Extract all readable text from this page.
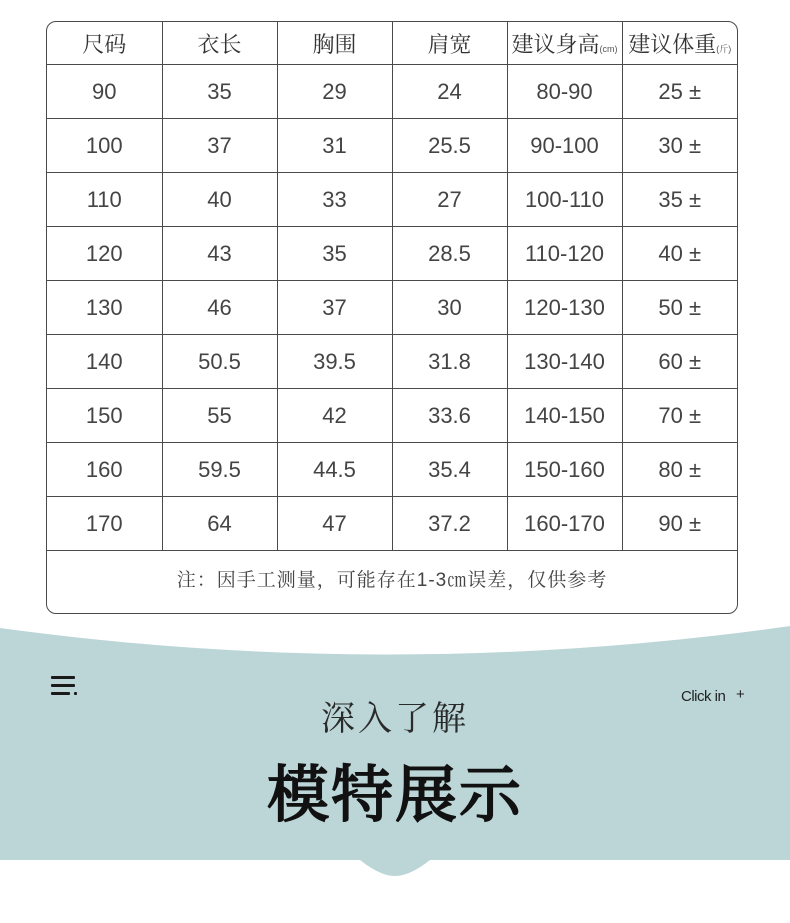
尺码	衣长	胸围	肩宽	建议身高(cm)	建议体重(斤)
90	35	29	24	80-90	25 ±
100	37	31	25.5	90-100	30 ±
110	40	33	27	100-110	35 ±
120	43	35	28.5	110-120	40 ±
130	46	37	30	120-130	50 ±
140	50.5	39.5	31.8	130-140	60 ±
150	55	42	33.6	140-150	70 ±
160	59.5	44.5	35.4	150-160	80 ±
170	64	47	37.2	160-170	90 ±
注：因手工测量，可能存在1-3㎝误差，仅供参考
深入了解
模特展示
Click in +
